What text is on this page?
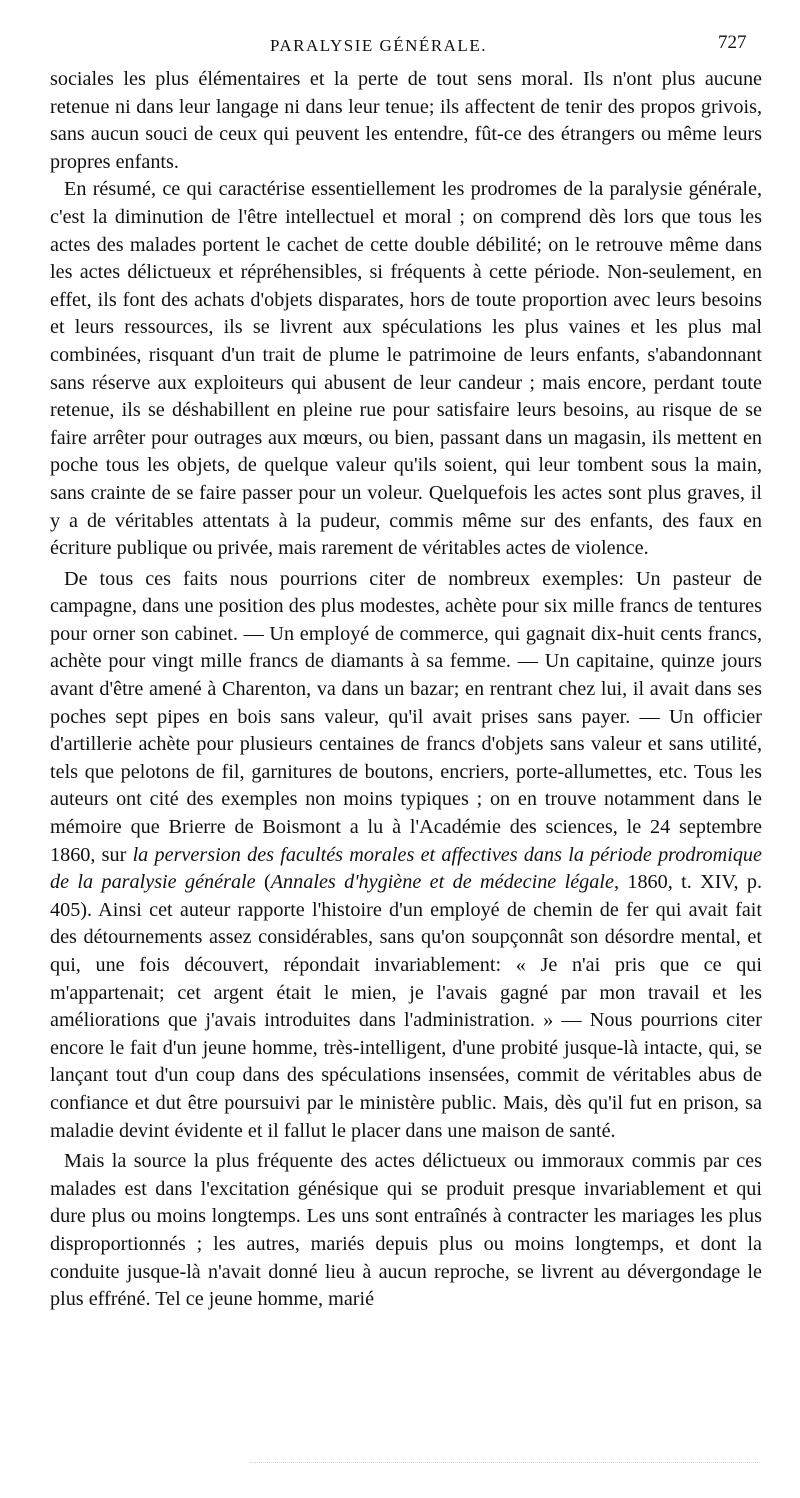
PARALYSIE GÉNÉRALE.	727

sociales les plus élémentaires et la perte de tout sens moral. Ils n'ont plus aucune retenue ni dans leur langage ni dans leur tenue; ils affectent de tenir des propos grivois, sans aucun souci de ceux qui peuvent les entendre, fût-ce des étrangers ou même leurs propres enfants.

En résumé, ce qui caractérise essentiellement les prodromes de la paralysie générale, c'est la diminution de l'être intellectuel et moral ; on comprend dès lors que tous les actes des malades portent le cachet de cette double débilité; on le retrouve même dans les actes délictueux et répréhensibles, si fréquents à cette période. Non-seulement, en effet, ils font des achats d'objets disparates, hors de toute proportion avec leurs besoins et leurs ressources, ils se livrent aux spéculations les plus vaines et les plus mal combinées, risquant d'un trait de plume le patrimoine de leurs enfants, s'abandonnant sans réserve aux exploiteurs qui abusent de leur candeur ; mais encore, perdant toute retenue, ils se déshabillent en pleine rue pour satisfaire leurs besoins, au risque de se faire arrêter pour outrages aux mœurs, ou bien, passant dans un magasin, ils mettent en poche tous les objets, de quelque valeur qu'ils soient, qui leur tombent sous la main, sans crainte de se faire passer pour un voleur. Quelquefois les actes sont plus graves, il y a de véritables attentats à la pudeur, commis même sur des enfants, des faux en écriture publique ou privée, mais rarement de véritables actes de violence.

De tous ces faits nous pourrions citer de nombreux exemples: Un pasteur de campagne, dans une position des plus modestes, achète pour six mille francs de tentures pour orner son cabinet. — Un employé de commerce, qui gagnait dix-huit cents francs, achète pour vingt mille francs de diamants à sa femme. — Un capitaine, quinze jours avant d'être amené à Charenton, va dans un bazar; en rentrant chez lui, il avait dans ses poches sept pipes en bois sans valeur, qu'il avait prises sans payer. — Un officier d'artillerie achète pour plusieurs centaines de francs d'objets sans valeur et sans utilité, tels que pelotons de fil, garnitures de boutons, encriers, porte-allumettes, etc. Tous les auteurs ont cité des exemples non moins typiques ; on en trouve notamment dans le mémoire que Brierre de Boismont a lu à l'Académie des sciences, le 24 septembre 1860, sur la perversion des facultés morales et affectives dans la période prodromique de la paralysie générale (Annales d'hygiène et de médecine légale, 1860, t. XIV, p. 405). Ainsi cet auteur rapporte l'histoire d'un employé de chemin de fer qui avait fait des détournements assez considérables, sans qu'on soupçonnât son désordre mental, et qui, une fois découvert, répondait invariablement: « Je n'ai pris que ce qui m'appartenait; cet argent était le mien, je l'avais gagné par mon travail et les améliorations que j'avais introduites dans l'administration. » — Nous pourrions citer encore le fait d'un jeune homme, très-intelligent, d'une probité jusque-là intacte, qui, se lançant tout d'un coup dans des spéculations insensées, commit de véritables abus de confiance et dut être poursuivi par le ministère public. Mais, dès qu'il fut en prison, sa maladie devint évidente et il fallut le placer dans une maison de santé.

Mais la source la plus fréquente des actes délictueux ou immoraux commis par ces malades est dans l'excitation génésique qui se produit presque invariablement et qui dure plus ou moins longtemps. Les uns sont entraînés à contracter les mariages les plus disproportionnés ; les autres, mariés depuis plus ou moins longtemps, et dont la conduite jusque-là n'avait donné lieu à aucun reproche, se livrent au dévergondage le plus effréné. Tel ce jeune homme, marié
